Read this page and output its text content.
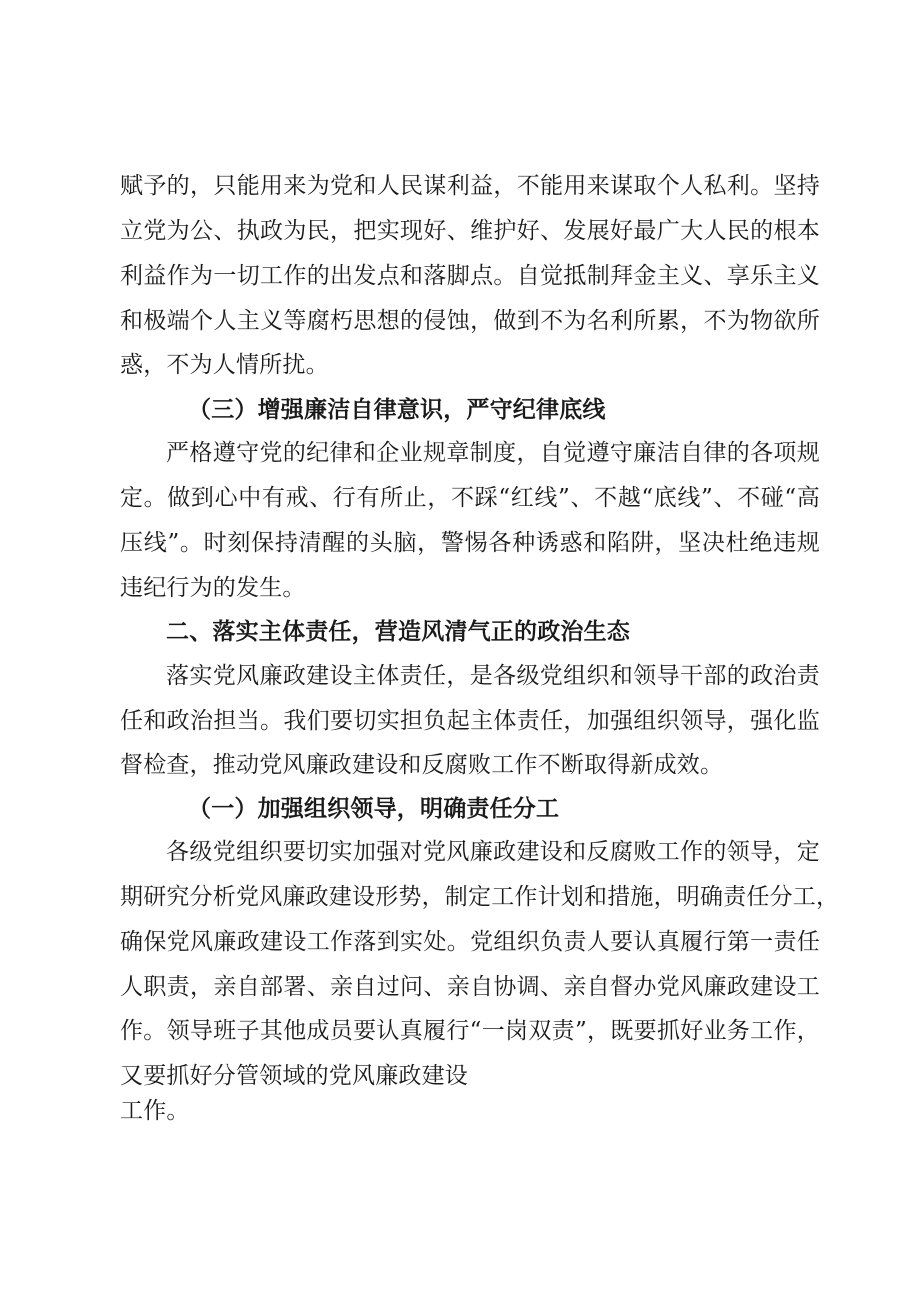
赋予的，只能用来为党和人民谋利益，不能用来谋取个人私利。坚持
立党为公、执政为民，把实现好、维护好、发展好最广大人民的根本
利益作为一切工作的出发点和落脚点。自觉抵制拜金主义、享乐主义
和极端个人主义等腐朽思想的侵蚀，做到不为名利所累，不为物欲所
惑，不为人情所扰。
（三）增强廉洁自律意识，严守纪律底线
严格遵守党的纪律和企业规章制度，自觉遵守廉洁自律的各项规
定。做到心中有戒、行有所止，不踩“红线”、不越“底线”、不碰“高
压线”。时刻保持清醒的头脑，警惕各种诱惑和陷阱，坚决杜绝违规
违纪行为的发生。
二、落实主体责任，营造风清气正的政治生态
落实党风廉政建设主体责任，是各级党组织和领导干部的政治责
任和政治担当。我们要切实担负起主体责任，加强组织领导，强化监
督检查，推动党风廉政建设和反腐败工作不断取得新成效。
（一）加强组织领导，明确责任分工
各级党组织要切实加强对党风廉政建设和反腐败工作的领导，定
期研究分析党风廉政建设形势，制定工作计划和措施，明确责任分工，
确保党风廉政建设工作落到实处。党组织负责人要认真履行第一责任
人职责，亲自部署、亲自过问、亲自协调、亲自督办党风廉政建设工
作。领导班子其他成员要认真履行“一岗双责”，既要抓好业务工作，
又要抓好分管领域的党风廉政建设
工作。
